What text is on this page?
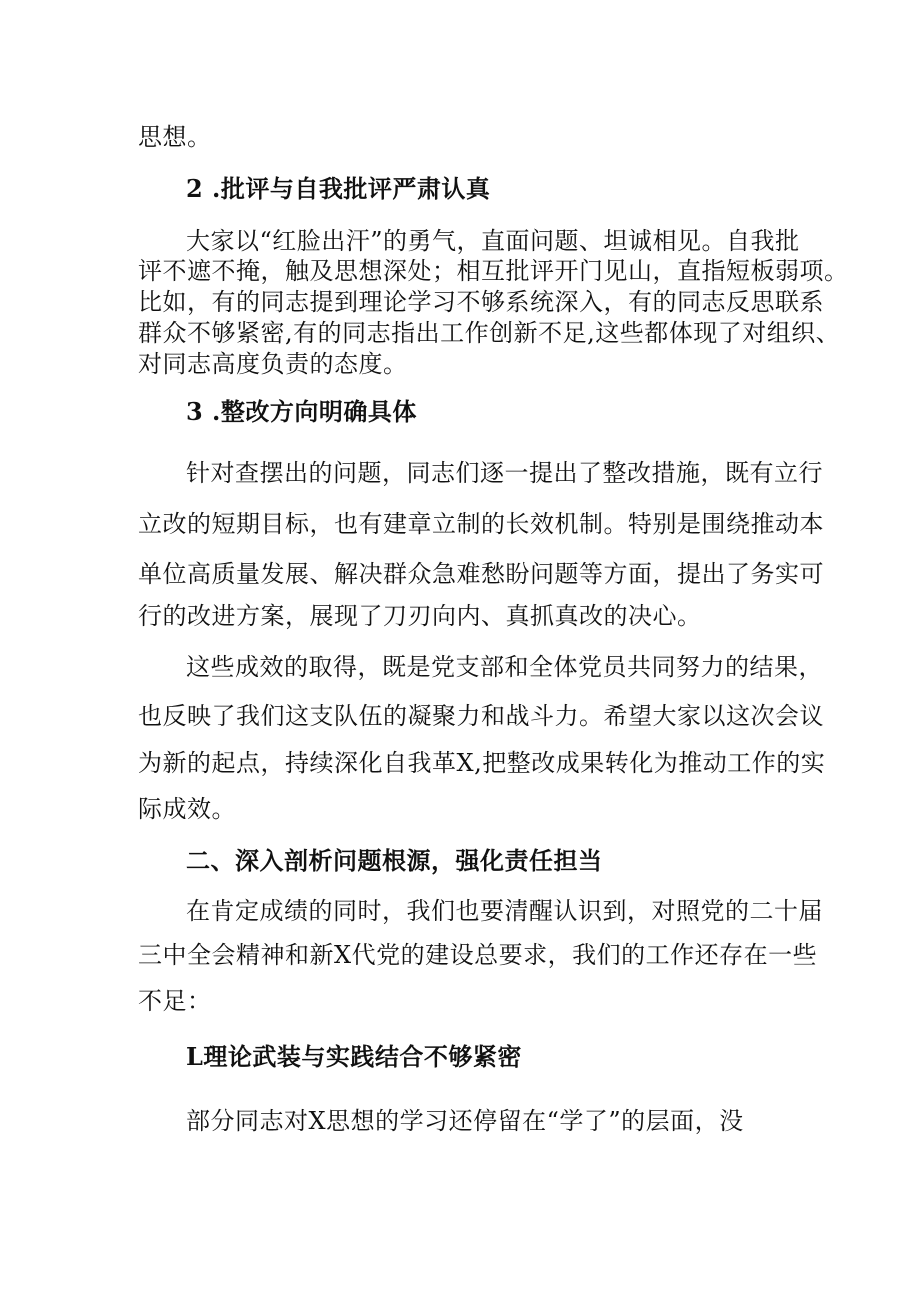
思想。
2 .批评与自我批评严肃认真
大家以“红脸出汗”的勇气，直面问题、坦诚相见。自我批
评不遮不掩，触及思想深处；相互批评开门见山，直指短板弱项。
比如，有的同志提到理论学习不够系统深入，有的同志反思联系
群众不够紧密,有的同志指出工作创新不足,这些都体现了对组织、
对同志高度负责的态度。
3 .整改方向明确具体
针对查摆出的问题，同志们逐一提出了整改措施，既有立行
立改的短期目标，也有建章立制的长效机制。特别是围绕推动本
单位高质量发展、解决群众急难愁盼问题等方面，提出了务实可
行的改进方案，展现了刀刃向内、真抓真改的决心。
这些成效的取得，既是党支部和全体党员共同努力的结果，
也反映了我们这支队伍的凝聚力和战斗力。希望大家以这次会议
为新的起点，持续深化自我革X,把整改成果转化为推动工作的实
际成效。
二、深入剖析问题根源，强化责任担当
在肯定成绩的同时，我们也要清醒认识到，对照党的二十届
三中全会精神和新X代党的建设总要求，我们的工作还存在一些
不足：
L理论武装与实践结合不够紧密
部分同志对X思想的学习还停留在“学了”的层面，没
